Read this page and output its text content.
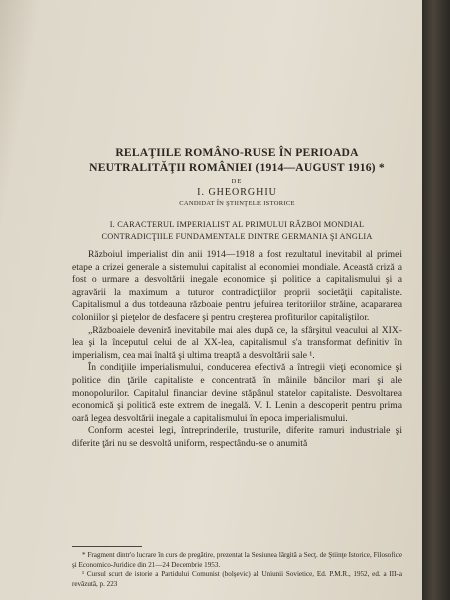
RELAŢIILE ROMÂNO-RUSE ÎN PERIOADA
NEUTRALITĂŢII ROMÂNIEI (1914—AUGUST 1916) *
DE
I. GHEORGHIU
CANDIDAT ÎN ŞTIINŢELE ISTORICE
I. CARACTERUL IMPERIALIST AL PRIMULUI RĂZBOI MONDIAL
CONTRADICŢIILE FUNDAMENTALE DINTRE GERMANIA ŞI ANGLIA

Războiul imperialist din anii 1914—1918 a fost rezultatul inevitabil al primei etape a crizei generale a sistemului capitalist al economiei mondiale. Această criză a fost o urmare a desvoltării inegale economice şi politice a capitalismului şi a agravării la maximum a tuturor contradicţiilor proprii societăţii capitaliste. Capitalismul a dus totdeauna războaie pentru jefuirea teritoriilor străine, acapararea coloniilor şi pieţelor de desfacere şi pentru creşterea profiturilor capitaliştilor.

„Războaiele devenirǎ inevitabile mai ales după ce, la sfârşitul veacului al XIX-lea şi la începutul celui de al XX-lea, capitalismul s'a transformat definitiv în imperialism, cea mai înaltă şi ultima treaptă a desvoltării sale ¹.

În condiţiile imperialismului, conducerea efectivă a întregii vieţi economice şi politice din ţările capitaliste e concentrată în mâinile băncilor mari şi ale monopolurilor. Capitalul financiar devine stăpânul statelor capitaliste. Desvoltarea economică şi politică este extrem de inegală. V. I. Lenin a descoperit pentru prima oară legea desvoltării inegale a capitalismului în epoca imperialismului.

Conform acestei legi, întreprinderile, trusturile, diferite ramuri industriale şi diferite ţări nu se desvoltă uniform, respectându-se o anumită

* Fragment dintr'o lucrare în curs de pregătire, prezentat la Sesiunea lărgită a Secţ. de Ştiinţe Istorice, Filosofice şi Economico-Juridice din 21—24 Decembrie 1953.

¹ Cursul scurt de istorie a Partidului Comunist (bolşevic) al Uniunii Sovietice, Ed. P.M.R., 1952, ed. a III-a revăzută, p. 223
